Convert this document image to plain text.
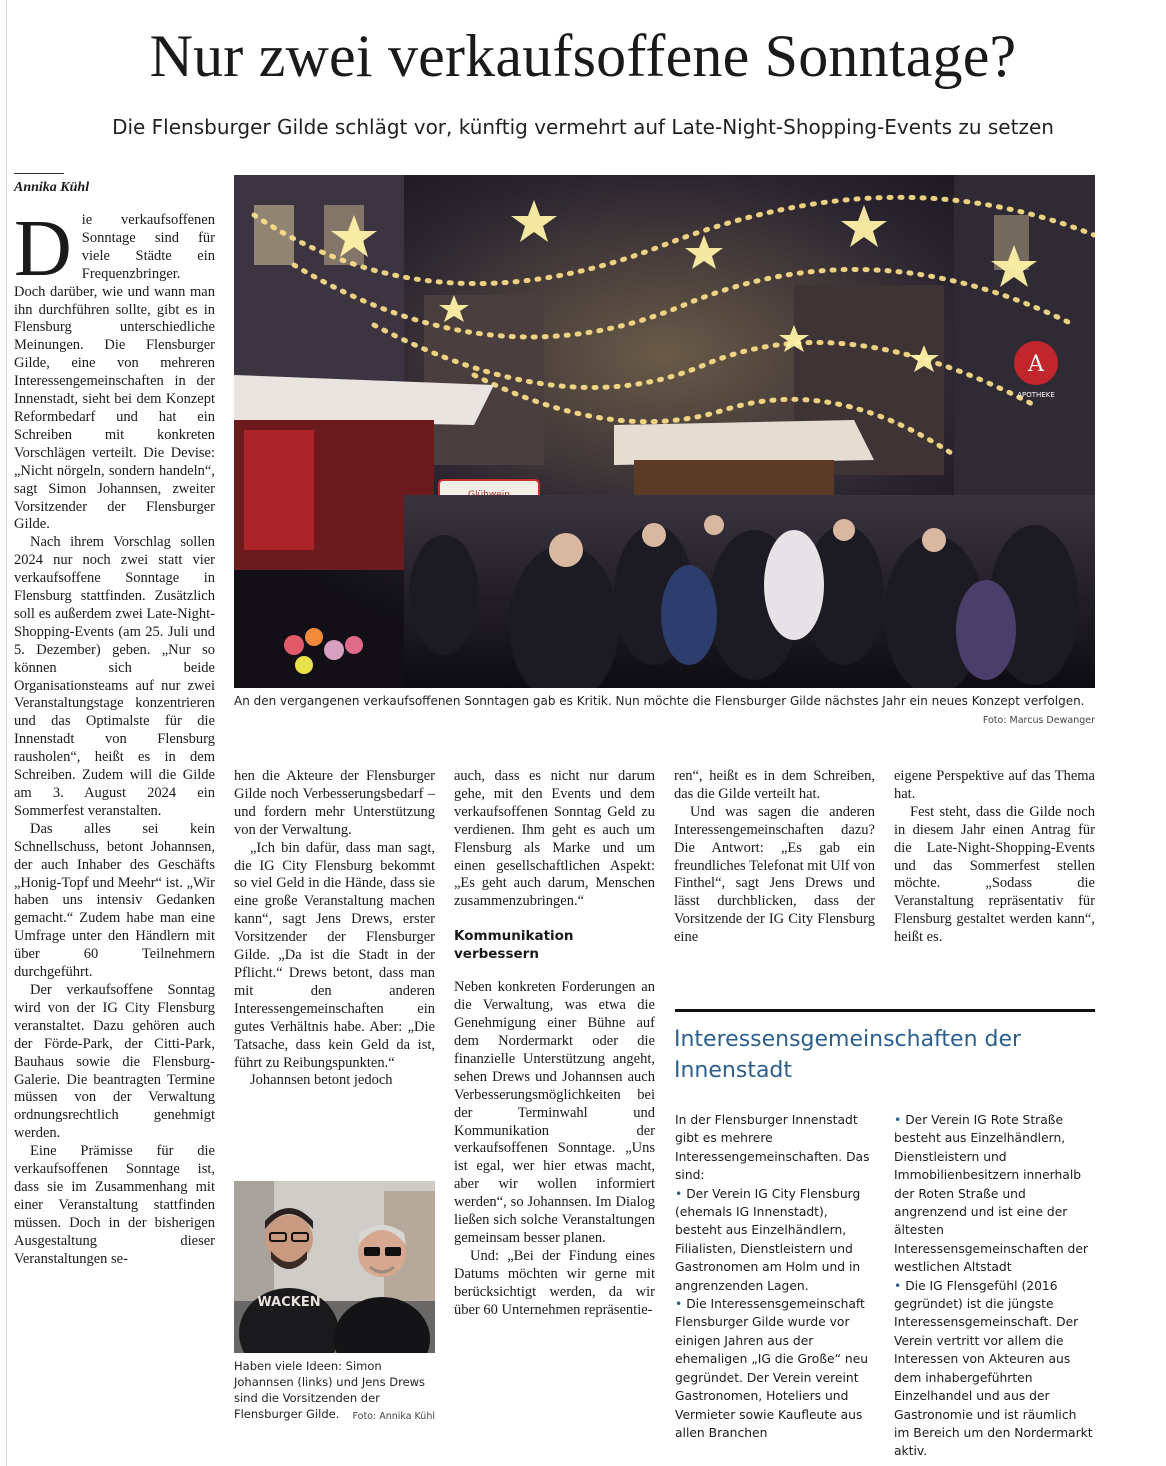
Nur zwei verkaufsoffene Sonntage?
Die Flensburger Gilde schlägt vor, künftig vermehrt auf Late-Night-Shopping-Events zu setzen
Annika Kühl

Die verkaufsoffenen Sonntage sind für viele Städte ein Frequenzbringer. Doch darüber, wie und wann man ihn durchführen sollte, gibt es in Flensburg unterschiedliche Meinungen. Die Flensburger Gilde, eine von mehreren Interessengemeinschaften in der Innenstadt, sieht bei dem Konzept Reformbedarf und hat ein Schreiben mit konkreten Vorschlägen verteilt. Die Devise: „Nicht nörgeln, sondern handeln“, sagt Simon Johannsen, zweiter Vorsitzender der Flensburger Gilde.

Nach ihrem Vorschlag sollen 2024 nur noch zwei statt vier verkaufsoffene Sonntage in Flensburg stattfinden. Zusätzlich soll es außerdem zwei Late-Night-Shopping-Events (am 25. Juli und 5. Dezember) geben. „Nur so können sich beide Organisationsteams auf nur zwei Veranstaltungstage konzentrieren und das Optimalste für die Innenstadt von Flensburg rausholen“, heißt es in dem Schreiben. Zudem will die Gilde am 3. August 2024 ein Sommerfest veranstalten.

Das alles sei kein Schnellschuss, betont Johannsen, der auch Inhaber des Geschäfts „Honig-Topf und Meehr“ ist. „Wir haben uns intensiv Gedanken gemacht.“ Zudem habe man eine Umfrage unter den Händlern mit über 60 Teilnehmern durchgeführt.

Der verkaufsoffene Sonntag wird von der IG City Flensburg veranstaltet. Dazu gehören auch der Förde-Park, der Citti-Park, Bauhaus sowie die Flensburg-Galerie. Die beantragten Termine müssen von der Verwaltung ordnungsrechtlich genehmigt werden.

Eine Prämisse für die verkaufsoffenen Sonntage ist, dass sie im Zusammenhang mit einer Veranstaltung stattfinden müssen. Doch in der bisherigen Ausgestaltung dieser Veranstaltungen se-

A
APOTHEKE
An den vergangenen verkaufsoffenen Sonntagen gab es Kritik. Nun möchte die Flensburger Gilde nächstes Jahr ein neues Konzept verfolgen.
Foto: Marcus Dewanger

hen die Akteure der Flensburger Gilde noch Verbesserungsbedarf – und fordern mehr Unterstützung von der Verwaltung.

„Ich bin dafür, dass man sagt, die IG City Flensburg bekommt so viel Geld in die Hände, dass sie eine große Veranstaltung machen kann“, sagt Jens Drews, erster Vorsitzender der Flensburger Gilde. „Da ist die Stadt in der Pflicht.“ Drews betont, dass man mit den anderen Interessengemeinschaften ein gutes Verhältnis habe. Aber: „Die Tatsache, dass kein Geld da ist, führt zu Reibungspunkten.“

Johannsen betont jedoch

WACKEN
Haben viele Ideen: Simon Johannsen (links) und Jens Drews sind die Vorsitzenden der Flensburger Gilde. Foto: Annika Kühl

auch, dass es nicht nur darum gehe, mit den Events und dem verkaufsoffenen Sonntag Geld zu verdienen. Ihm geht es auch um Flensburg als Marke und um einen gesellschaftlichen Aspekt: „Es geht auch darum, Menschen zusammenzubringen.“

Kommunikation verbessern

Neben konkreten Forderungen an die Verwaltung, was etwa die Genehmigung einer Bühne auf dem Nordermarkt oder die finanzielle Unterstützung angeht, sehen Drews und Johannsen auch Verbesserungsmöglichkeiten bei der Terminwahl und Kommunikation der verkaufsoffenen Sonntage. „Uns ist egal, wer hier etwas macht, aber wir wollen informiert werden“, so Johannsen. Im Dialog ließen sich solche Veranstaltungen gemeinsam besser planen.

Und: „Bei der Findung eines Datums möchten wir gerne mit berücksichtigt werden, da wir über 60 Unternehmen repräsentie-

ren“, heißt es in dem Schreiben, das die Gilde verteilt hat.

Und was sagen die anderen Interessengemeinschaften dazu? Die Antwort: „Es gab ein freundliches Telefonat mit Ulf von Finthel“, sagt Jens Drews und lässt durchblicken, dass der Vorsitzende der IG City Flensburg eine

eigene Perspektive auf das Thema hat.

Fest steht, dass die Gilde noch in diesem Jahr einen Antrag für die Late-Night-Shopping-Events und das Sommerfest stellen möchte. „Sodass die Veranstaltung repräsentativ für Flensburg gestaltet werden kann“, heißt es.

Interessensgemeinschaften der Innenstadt

In der Flensburger Innenstadt gibt es mehrere Interessengemeinschaften. Das sind:

• Der Verein IG City Flensburg (ehemals IG Innenstadt), besteht aus Einzelhändlern, Filialisten, Dienstleistern und Gastronomen am Holm und in angrenzenden Lagen.

• Die Interessensgemeinschaft Flensburger Gilde wurde vor einigen Jahren aus der ehemaligen „IG die Große“ neu gegründet. Der Verein vereint Gastronomen, Hoteliers und Vermieter sowie Kaufleute aus allen Branchen

• Der Verein IG Rote Straße besteht aus Einzelhändlern, Dienstleistern und Immobilienbesitzern innerhalb der Roten Straße und angrenzend und ist eine der ältesten Interessensgemeinschaften der westlichen Altstadt

• Die IG Flensgefühl (2016 gegründet) ist die jüngste Interessensgemeinschaft. Der Verein vertritt vor allem die Interessen von Akteuren aus dem inhabergeführten Einzelhandel und aus der Gastronomie und ist räumlich im Bereich um den Nordermarkt aktiv.
